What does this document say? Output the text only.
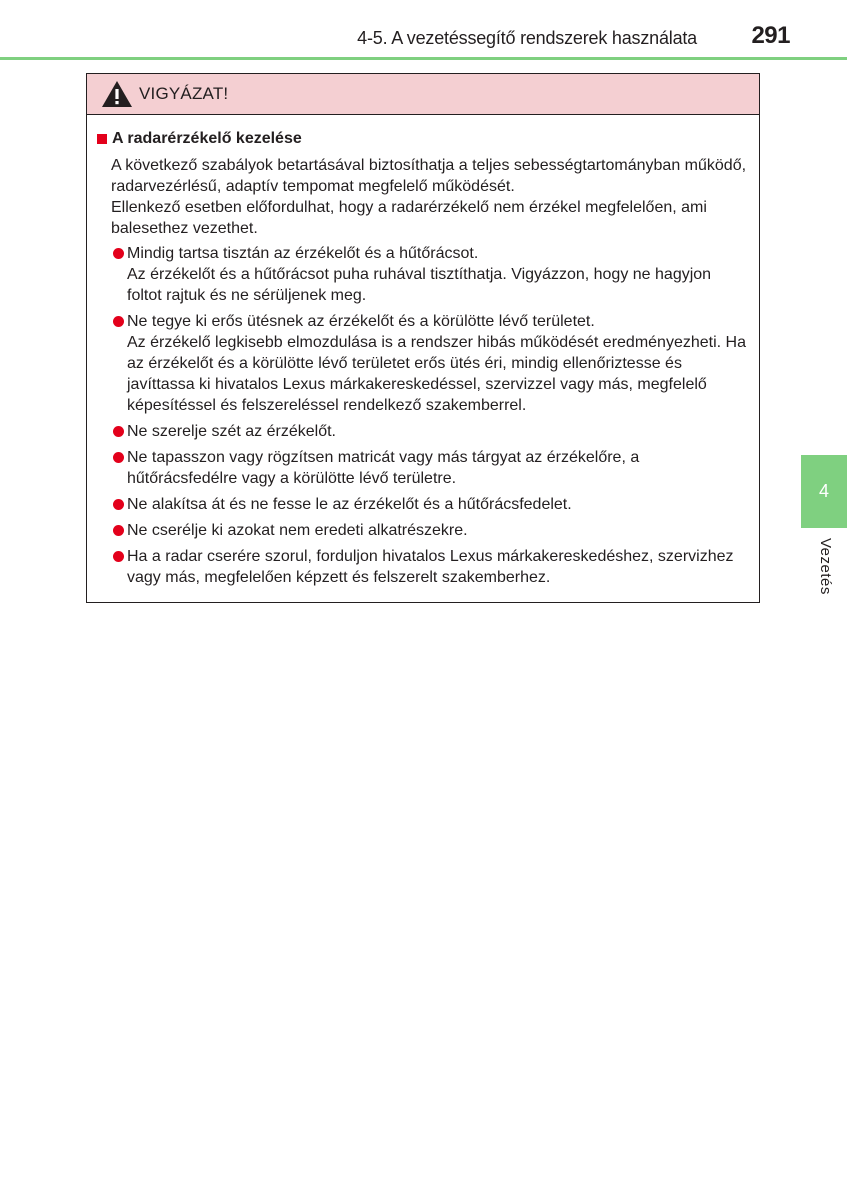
4-5. A vezetéssegítő rendszerek használata 291
VIGYÁZAT!
A radarérzékelő kezelése

A következő szabályok betartásával biztosíthatja a teljes sebességtartományban működő, radarvezérlésű, adaptív tempomat megfelelő működését.

Ellenkező esetben előfordulhat, hogy a radarérzékelő nem érzékel megfelelően, ami balesethez vezethet.

Mindig tartsa tisztán az érzékelőt és a hűtőrácsot.
Az érzékelőt és a hűtőrácsot puha ruhával tisztíthatja. Vigyázzon, hogy ne hagyjon foltot rajtuk és ne sérüljenek meg.
Ne tegye ki erős ütésnek az érzékelőt és a körülötte lévő területet.
Az érzékelő legkisebb elmozdulása is a rendszer hibás működését eredményezheti. Ha az érzékelőt és a körülötte lévő területet erős ütés éri, mindig ellenőriztesse és javíttassa ki hivatalos Lexus márkakereskedéssel, szervizzel vagy más, megfelelő képesítéssel és felszereléssel rendelkező szakemberrel.
Ne szerelje szét az érzékelőt.
Ne tapasszon vagy rögzítsen matricát vagy más tárgyat az érzékelőre, a hűtőrácsfedélre vagy a körülötte lévő területre.
Ne alakítsa át és ne fesse le az érzékelőt és a hűtőrácsfedelet.
Ne cserélje ki azokat nem eredeti alkatrészekre.
Ha a radar cserére szorul, forduljon hivatalos Lexus márkakereskedéshez, szervizhez vagy más, megfelelően képzett és felszerelt szakemberhez.
4
Vezetés
